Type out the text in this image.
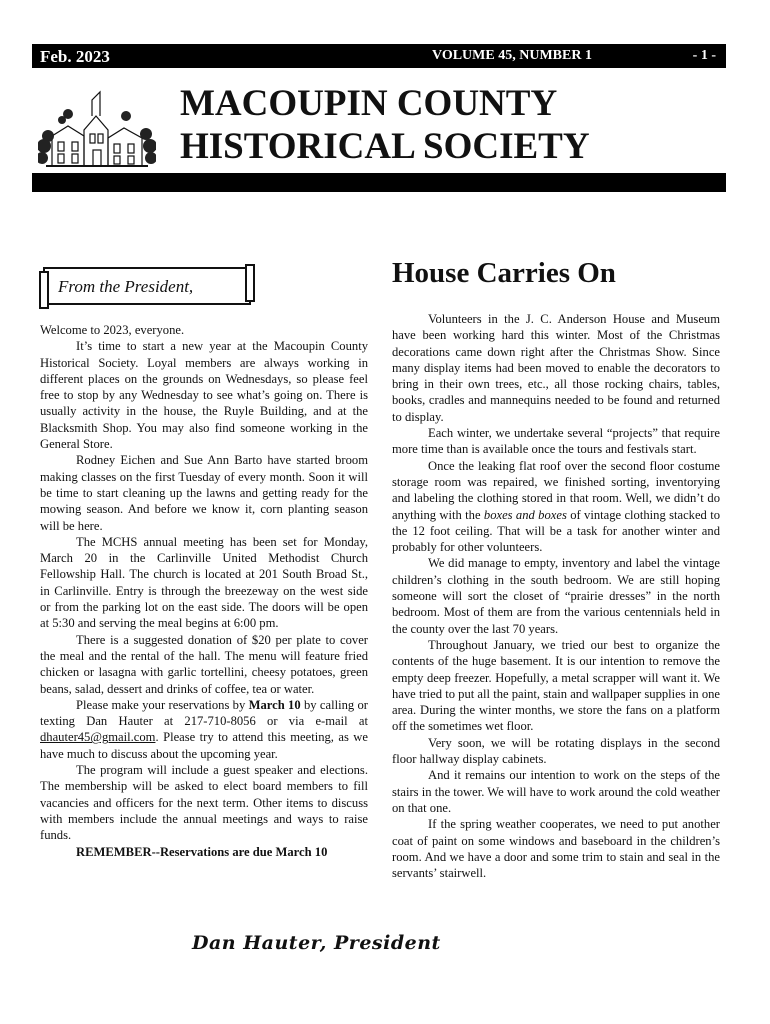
Feb. 2023	VOLUME 45, NUMBER 1	- 1 -
MACOUPIN COUNTY
HISTORICAL SOCIETY
From the President,

Welcome to 2023, everyone.

It’s time to start a new year at the Macoupin County Historical Society. Loyal members are always working in different places on the grounds on Wednesdays, so please feel free to stop by any Wednesday to see what’s going on. There is usually activity in the house, the Ruyle Building, and at the Blacksmith Shop. You may also find someone working in the General Store.

Rodney Eichen and Sue Ann Barto have started broom making classes on the first Tuesday of every month. Soon it will be time to start cleaning up the lawns and getting ready for the mowing season. And before we know it, corn planting season will be here.

The MCHS annual meeting has been set for Monday, March 20 in the Carlinville United Methodist Church Fellowship Hall. The church is located at 201 South Broad St., in Carlinville. Entry is through the breezeway on the west side or from the parking lot on the east side. The doors will be open at 5:30 and serving the meal begins at 6:00 pm.

There is a suggested donation of $20 per plate to cover the meal and the rental of the hall. The menu will feature fried chicken or lasagna with garlic tortellini, cheesy potatoes, green beans, salad, dessert and drinks of coffee, tea or water.

Please make your reservations by March 10 by calling or texting Dan Hauter at 217-710-8056 or via e-mail at dhauter45@gmail.com. Please try to attend this meeting, as we have much to discuss about the upcoming year.

The program will include a guest speaker and elections. The membership will be asked to elect board members to fill vacancies and officers for the next term. Other items to discuss with members include the annual meetings and ways to raise funds.

REMEMBER--Reservations are due March 10

Dan Hauter, President
House Carries On

Volunteers in the J. C. Anderson House and Museum have been working hard this winter. Most of the Christmas decorations came down right after the Christmas Show. Since many display items had been moved to enable the decorators to bring in their own trees, etc., all those rocking chairs, tables, books, cradles and mannequins needed to be found and returned to display.

Each winter, we undertake several “projects” that require more time than is available once the tours and festivals start.

Once the leaking flat roof over the second floor costume storage room was repaired, we finished sorting, inventorying and labeling the clothing stored in that room. Well, we didn’t do anything with the boxes and boxes of vintage clothing stacked to the 12 foot ceiling. That will be a task for another winter and probably for other volunteers.

We did manage to empty, inventory and label the vintage children’s clothing in the south bedroom. We are still hoping someone will sort the closet of “prairie dresses” in the north bedroom. Most of them are from the various centennials held in the county over the last 70 years.

Throughout January, we tried our best to organize the contents of the huge basement. It is our intention to remove the empty deep freezer. Hopefully, a metal scrapper will want it. We have tried to put all the paint, stain and wallpaper supplies in one area. During the winter months, we store the fans on a platform off the sometimes wet floor.

Very soon, we will be rotating displays in the second floor hallway display cabinets.

And it remains our intention to work on the steps of the stairs in the tower. We will have to work around the cold weather on that one.

If the spring weather cooperates, we need to put another coat of paint on some windows and baseboard in the children’s room. And we have a door and some trim to stain and seal in the servants’ stairwell.
